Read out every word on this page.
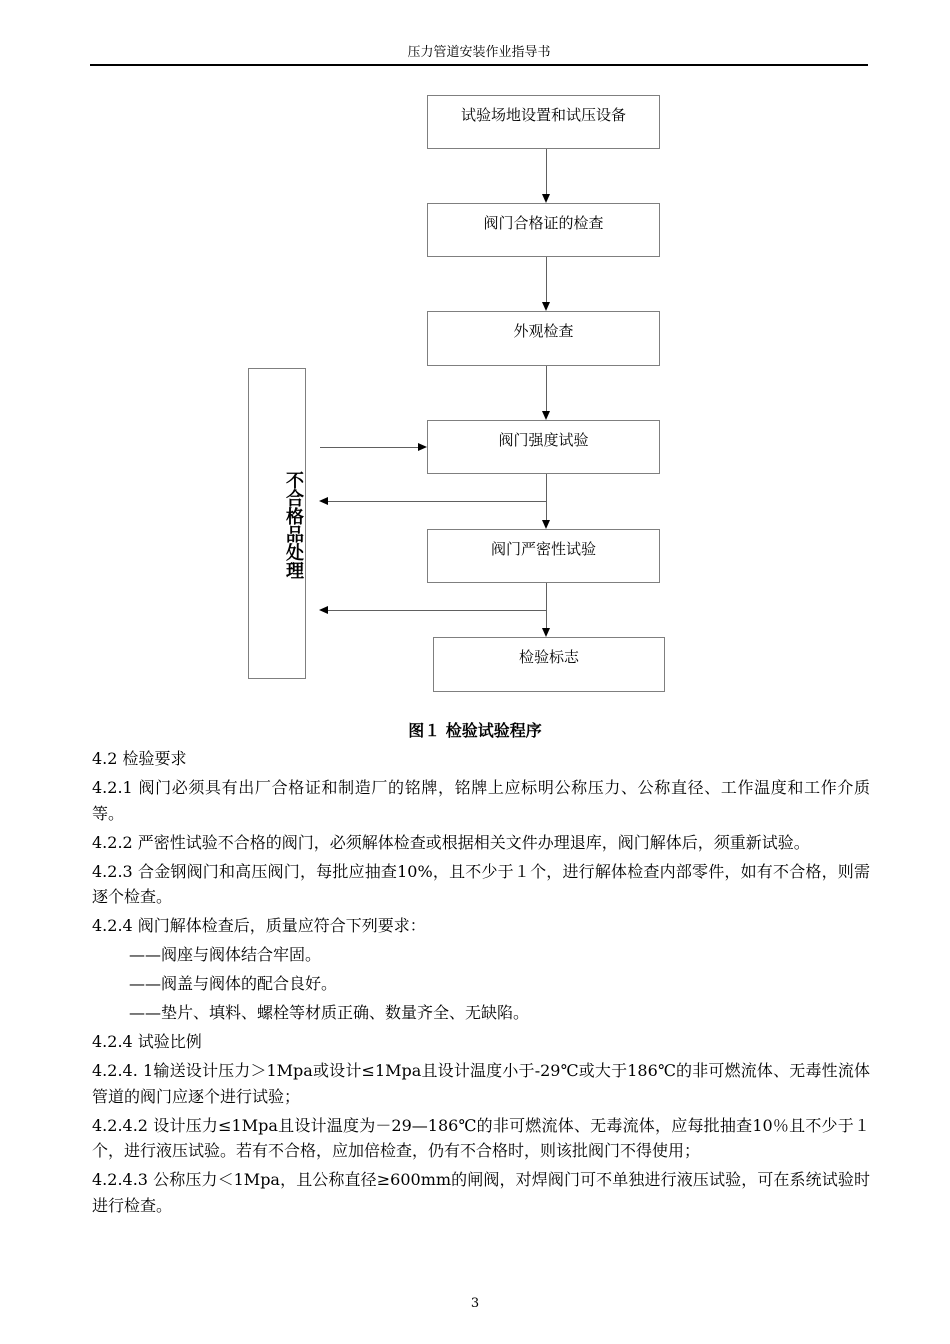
压力管道安装作业指导书
试验场地设置和试压设备
阀门合格证的检查
外观检查
阀门强度试验
阀门严密性试验
检验标志
不合格品处理
图１ 检验试验程序

4.2 检验要求

4.2.1 阀门必须具有出厂合格证和制造厂的铭牌，铭牌上应标明公称压力、公称直径、工作温度和工作介质等。

4.2.2 严密性试验不合格的阀门，必须解体检查或根据相关文件办理退库，阀门解体后，须重新试验。

4.2.3 合金钢阀门和高压阀门，每批应抽查10%，且不少于１个，进行解体检查内部零件，如有不合格，则需逐个检查。

4.2.4 阀门解体检查后，质量应符合下列要求：

——阀座与阀体结合牢固。

——阀盖与阀体的配合良好。

——垫片、填料、螺栓等材质正确、数量齐全、无缺陷。

4.2.4 试验比例

4.2.4. 1输送设计压力＞1Mpa或设计≤1Mpa且设计温度小于-29℃或大于186℃的非可燃流体、无毒性流体管道的阀门应逐个进行试验；

4.2.4.2 设计压力≤1Mpa且设计温度为－29—186℃的非可燃流体、无毒流体，应每批抽查10％且不少于１个，进行液压试验。若有不合格，应加倍检查，仍有不合格时，则该批阀门不得使用；

4.2.4.3 公称压力＜1Mpa，且公称直径≥600mm的闸阀，对焊阀门可不单独进行液压试验，可在系统试验时进行检查。

3
